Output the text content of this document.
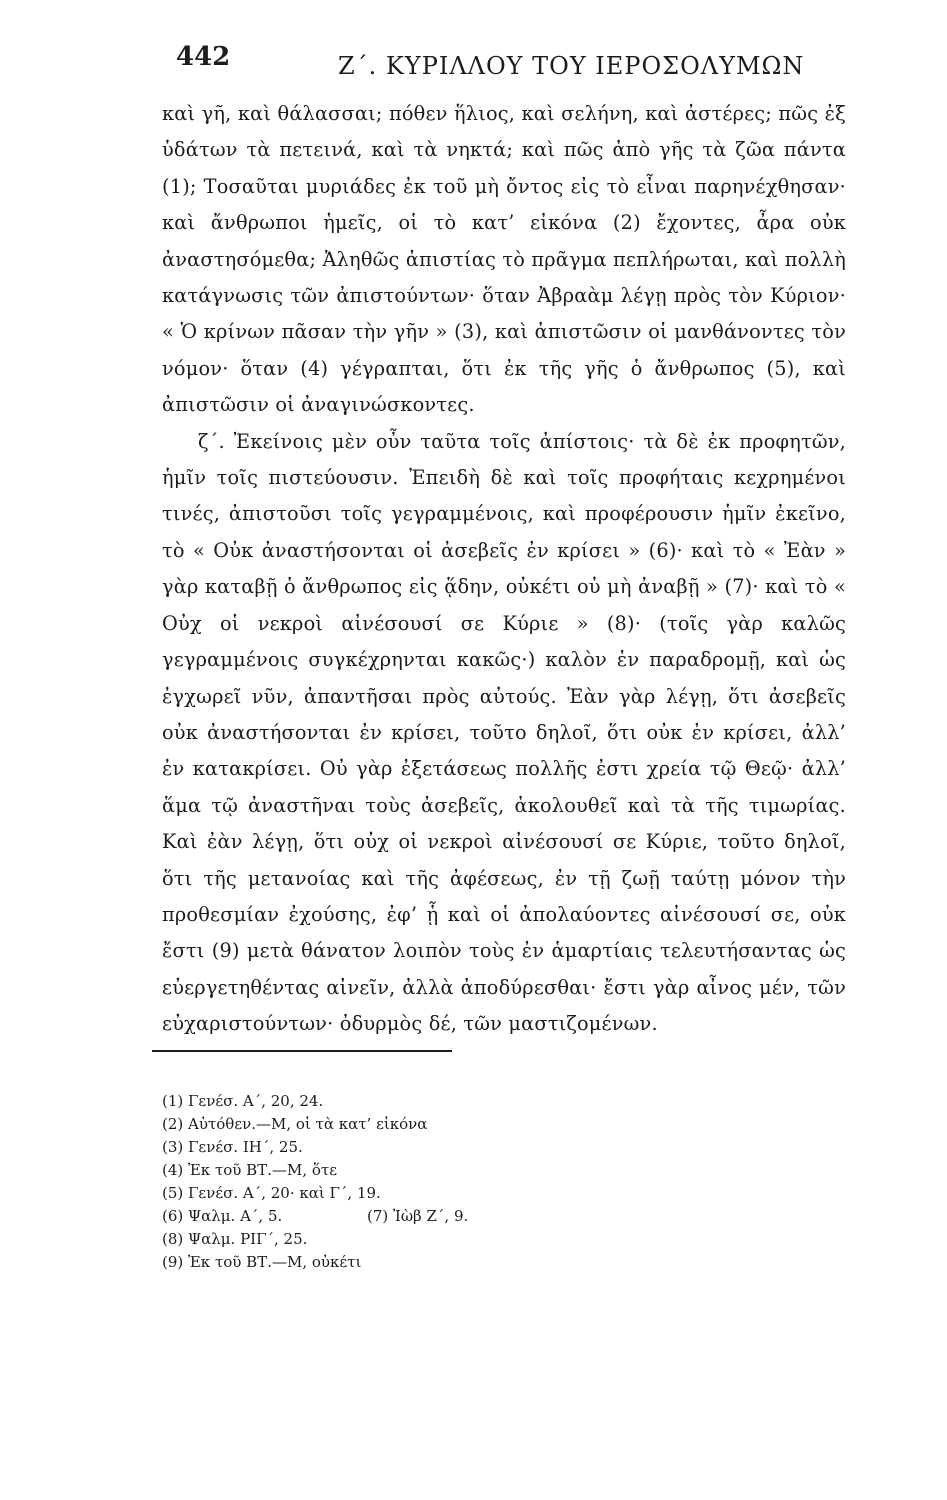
442	Ζ΄. ΚΥΡΙΛΛΟΥ ΤΟΥ ΙΕΡΟΣΟΛΥΜΩΝ

καὶ γῆ, καὶ θάλασσαι; πόθεν ἥλιος, καὶ σελήνη, καὶ ἀστέρες; πῶς ἐξ ὑδάτων τὰ πετεινά, καὶ τὰ νηκτά; καὶ πῶς ἀπὸ γῆς τὰ ζῶα πάντα (1); Τοσαῦται μυριάδες ἐκ τοῦ μὴ ὄντος εἰς τὸ εἶναι παρηνέχθησαν· καὶ ἄνθρωποι ἡμεῖς, οἱ τὸ κατ’ εἰκόνα (2) ἔχοντες, ἆρα οὐκ ἀναστησόμεθα; Ἀληθῶς ἀπιστίας τὸ πρᾶγμα πεπλήρωται, καὶ πολλὴ κατάγνωσις τῶν ἀπιστούντων· ὅταν Ἀβραὰμ λέγῃ πρὸς τὸν Κύριον· « Ὁ κρίνων πᾶσαν τὴν γῆν » (3), καὶ ἀπιστῶσιν οἱ μανθάνοντες τὸν νόμον· ὅταν (4) γέγραπται, ὅτι ἐκ τῆς γῆς ὁ ἄνθρωπος (5), καὶ ἀπιστῶσιν οἱ ἀναγινώσκοντες.

ζ΄. Ἐκείνοις μὲν οὖν ταῦτα τοῖς ἀπίστοις· τὰ δὲ ἐκ προφητῶν, ἡμῖν τοῖς πιστεύουσιν. Ἐπειδὴ δὲ καὶ τοῖς προφήταις κεχρημένοι τινές, ἀπιστοῦσι τοῖς γεγραμμένοις, καὶ προφέρουσιν ἡμῖν ἐκεῖνο, τὸ « Οὐκ ἀναστήσονται οἱ ἀσεβεῖς ἐν κρίσει » (6)· καὶ τὸ « Ἐὰν » γὰρ καταβῇ ὁ ἄνθρωπος εἰς ᾅδην, οὐκέτι οὐ μὴ ἀναβῇ » (7)· καὶ τὸ « Οὐχ οἱ νεκροὶ αἰνέσουσί σε Κύριε » (8)· (τοῖς γὰρ καλῶς γεγραμμένοις συγκέχρηνται κακῶς·) καλὸν ἐν παραδρομῇ, καὶ ὡς ἐγχωρεῖ νῦν, ἀπαντῆσαι πρὸς αὐτούς. Ἐὰν γὰρ λέγῃ, ὅτι ἀσεβεῖς οὐκ ἀναστήσονται ἐν κρίσει, τοῦτο δηλοῖ, ὅτι οὐκ ἐν κρίσει, ἀλλ’ ἐν κατακρίσει. Οὐ γὰρ ἐξετάσεως πολλῆς ἐστι χρεία τῷ Θεῷ· ἀλλ’ ἅμα τῷ ἀναστῆναι τοὺς ἀσεβεῖς, ἀκολουθεῖ καὶ τὰ τῆς τιμωρίας. Καὶ ἐὰν λέγῃ, ὅτι οὐχ οἱ νεκροὶ αἰνέσουσί σε Κύριε, τοῦτο δηλοῖ, ὅτι τῆς μετανοίας καὶ τῆς ἀφέσεως, ἐν τῇ ζωῇ ταύτῃ μόνον τὴν προθεσμίαν ἐχούσης, ἐφ’ ᾗ καὶ οἱ ἀπολαύοντες αἰνέσουσί σε, οὐκ ἔστι (9) μετὰ θάνατον λοιπὸν τοὺς ἐν ἁμαρτίαις τελευτήσαντας ὡς εὐεργετηθέντας αἰνεῖν, ἀλλὰ ἀποδύρεσθαι· ἔστι γὰρ αἶνος μέν, τῶν εὐχαριστούντων· ὀδυρμὸς δέ, τῶν μαστιζομένων.

(1) Γενέσ. Α΄, 20, 24.

(2) Αὐτόθεν.—Μ, οἱ τὰ κατ’ εἰκόνα

(3) Γενέσ. ΙΗ΄, 25.

(4) Ἐκ τοῦ ΒΤ.—Μ, ὅτε

(5) Γενέσ. Α΄, 20· καὶ Γ΄, 19.

(6) Ψαλμ. Α΄, 5.	(7) Ἰὼβ Ζ΄, 9.

(8) Ψαλμ. ΡΙΓ΄, 25.

(9) Ἐκ τοῦ ΒΤ.—Μ, οὐκέτι
